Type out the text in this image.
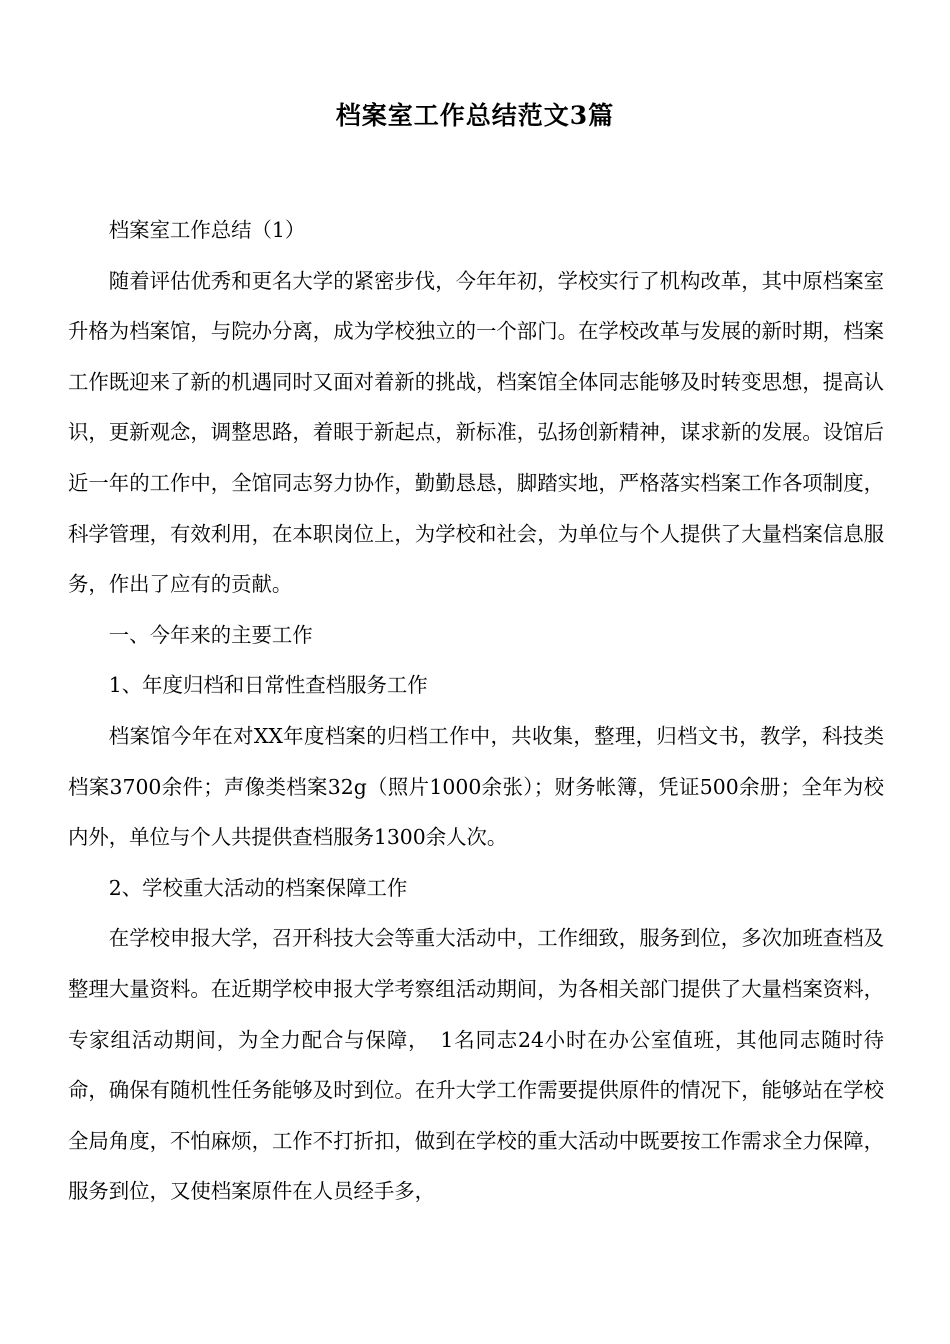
档案室工作总结范文3篇

档案室工作总结（1）

随着评估优秀和更名大学的紧密步伐，今年年初，学校实行了机构改革，其中原档案室升格为档案馆，与院办分离，成为学校独立的一个部门。在学校改革与发展的新时期，档案工作既迎来了新的机遇同时又面对着新的挑战，档案馆全体同志能够及时转变思想，提高认识，更新观念，调整思路，着眼于新起点，新标准，弘扬创新精神，谋求新的发展。设馆后近一年的工作中，全馆同志努力协作，勤勤恳恳，脚踏实地，严格落实档案工作各项制度，科学管理，有效利用，在本职岗位上，为学校和社会，为单位与个人提供了大量档案信息服务，作出了应有的贡献。

一、今年来的主要工作

1、年度归档和日常性查档服务工作

档案馆今年在对XX年度档案的归档工作中，共收集，整理，归档文书，教学，科技类档案3700余件；声像类档案32g（照片1000余张）；财务帐簿，凭证500余册；全年为校内外，单位与个人共提供查档服务1300余人次。

2、学校重大活动的档案保障工作

在学校申报大学，召开科技大会等重大活动中，工作细致，服务到位，多次加班查档及整理大量资料。在近期学校申报大学考察组活动期间，为各相关部门提供了大量档案资料，专家组活动期间，为全力配合与保障，　1名同志24小时在办公室值班，其他同志随时待命，确保有随机性任务能够及时到位。在升大学工作需要提供原件的情况下，能够站在学校全局角度，不怕麻烦，工作不打折扣，做到在学校的重大活动中既要按工作需求全力保障，服务到位，又使档案原件在人员经手多，
